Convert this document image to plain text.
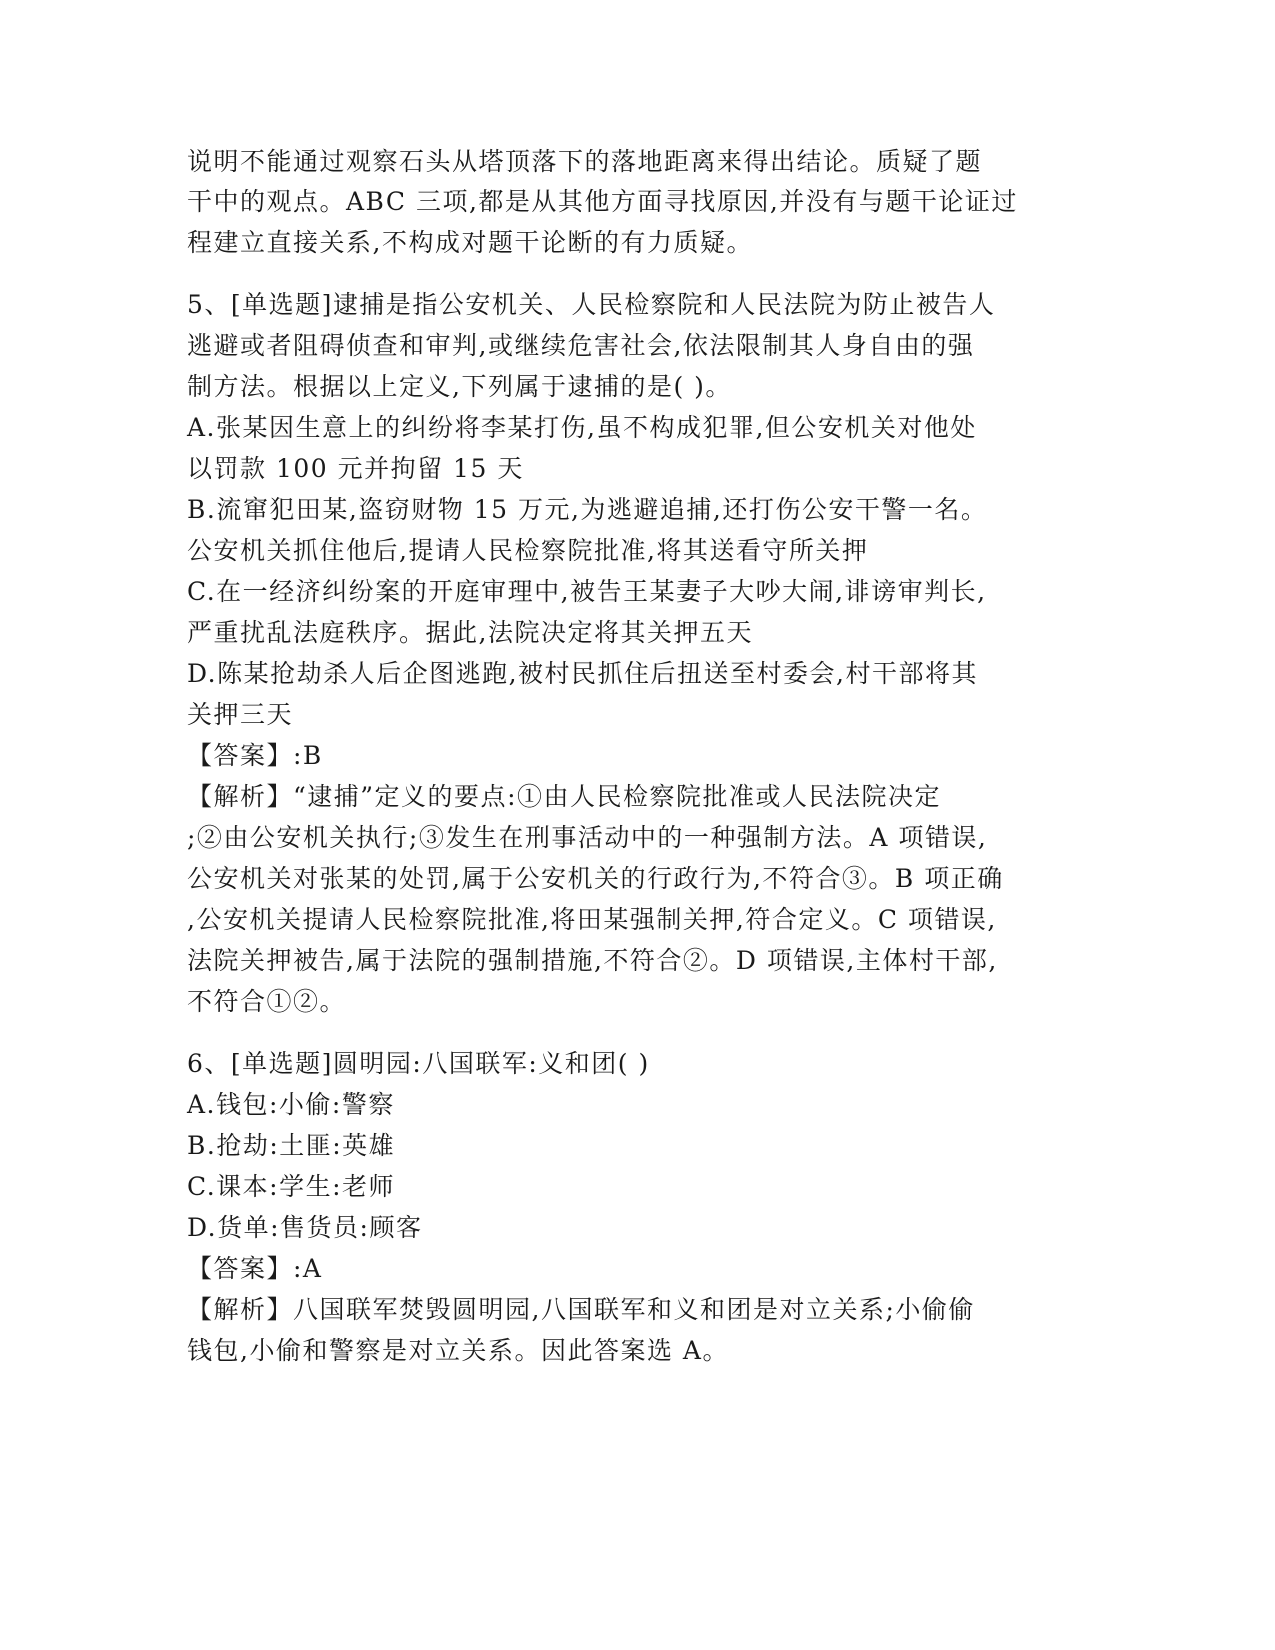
说明不能通过观察石头从塔顶落下的落地距离来得出结论。质疑了题
干中的观点。ABC 三项,都是从其他方面寻找原因,并没有与题干论证过
程建立直接关系,不构成对题干论断的有力质疑。
5、[单选题]逮捕是指公安机关、人民检察院和人民法院为防止被告人
逃避或者阻碍侦查和审判,或继续危害社会,依法限制其人身自由的强
制方法。根据以上定义,下列属于逮捕的是( )。
A.张某因生意上的纠纷将李某打伤,虽不构成犯罪,但公安机关对他处
以罚款 100 元并拘留 15 天
B.流窜犯田某,盗窃财物 15 万元,为逃避追捕,还打伤公安干警一名。
公安机关抓住他后,提请人民检察院批准,将其送看守所关押
C.在一经济纠纷案的开庭审理中,被告王某妻子大吵大闹,诽谤审判长,
严重扰乱法庭秩序。据此,法院决定将其关押五天
D.陈某抢劫杀人后企图逃跑,被村民抓住后扭送至村委会,村干部将其
关押三天
【答案】:B
【解析】“逮捕”定义的要点:①由人民检察院批准或人民法院决定
;②由公安机关执行;③发生在刑事活动中的一种强制方法。A 项错误,
公安机关对张某的处罚,属于公安机关的行政行为,不符合③。B 项正确
,公安机关提请人民检察院批准,将田某强制关押,符合定义。C 项错误,
法院关押被告,属于法院的强制措施,不符合②。D 项错误,主体村干部,
不符合①②。
6、[单选题]圆明园:八国联军:义和团( )
A.钱包:小偷:警察
B.抢劫:土匪:英雄
C.课本:学生:老师
D.货单:售货员:顾客
【答案】:A
【解析】八国联军焚毁圆明园,八国联军和义和团是对立关系;小偷偷
钱包,小偷和警察是对立关系。因此答案选 A。
